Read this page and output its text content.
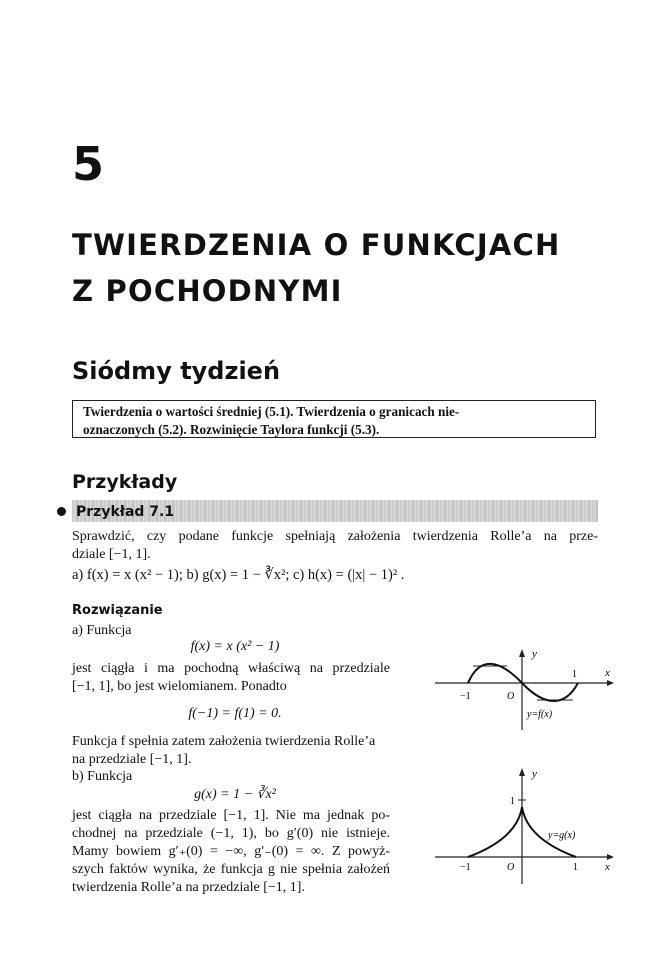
5
TWIERDZENIA O FUNKCJACH
Z POCHODNYMI
Siódmy tydzień
Twierdzenia o wartości średniej (5.1). Twierdzenia o granicach nie-
oznaczonych (5.2). Rozwinięcie Taylora funkcji (5.3).
Przykłady
Przykład 7.1
Sprawdzić, czy podane funkcje spełniają założenia twierdzenia Rolle’a na prze-
dziale [−1, 1].
a) f(x) = x (x² − 1); b) g(x) = 1 − ∛x²; c) h(x) = (|x| − 1)² .
Rozwiązanie
a) Funkcja
f(x) = x (x² − 1)
jest ciągła i ma pochodną właściwą na przedziale
[−1, 1], bo jest wielomianem. Ponadto
f(−1) = f(1) = 0.
Funkcja f spełnia zatem założenia twierdzenia Rolle’a
na przedziale [−1, 1].
b) Funkcja
g(x) = 1 − ∛x²
jest ciągła na przedziale [−1, 1]. Nie ma jednak po-
chodnej na przedziale (−1, 1), bo g′(0) nie istnieje.
Mamy bowiem g′₊(0) = −∞, g′₋(0) = ∞. Z powyż-
szych faktów wynika, że funkcja g nie spełnia założeń
twierdzenia Rolle’a na przedziale [−1, 1].
y
x
1
−1	O
y=f(x)
y
x
1
1
−1	O
y=g(x)
